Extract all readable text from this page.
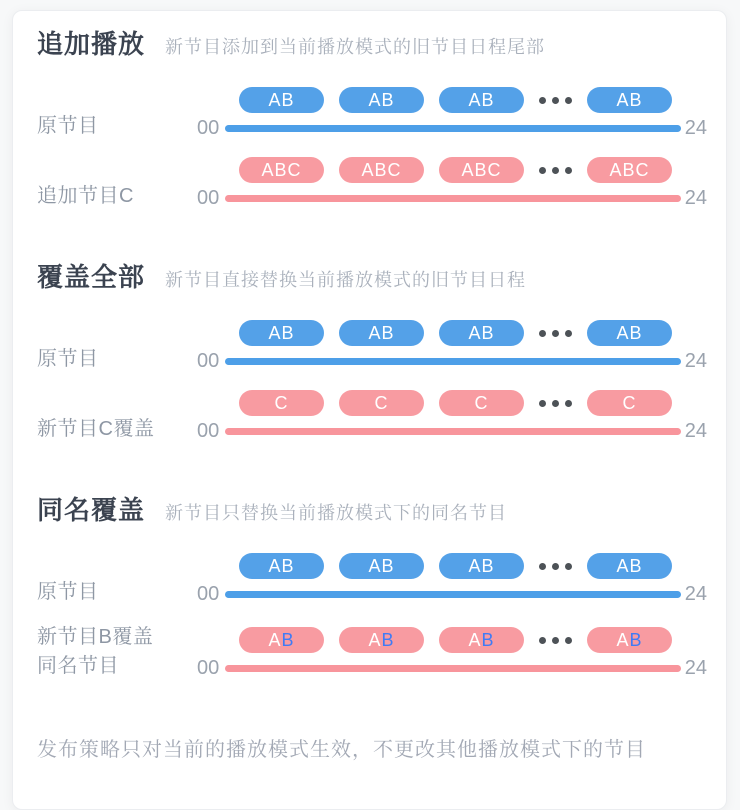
追加播放 新节目添加到当前播放模式的旧节目日程尾部
原节目
AB	AB	AB	AB
00	24
追加节目C
ABC	ABC	ABC	ABC
00	24
覆盖全部 新节目直接替换当前播放模式的旧节目日程
原节目
AB	AB	AB	AB
00	24
新节目C覆盖
C	C	C	C
00	24
同名覆盖 新节目只替换当前播放模式下的同名节目
原节目
AB	AB	AB	AB
00	24
新节目B覆盖
同名节目
A B	A B	A B	A B
00	24
发布策略只对当前的播放模式生效，不更改其他播放模式下的节目
